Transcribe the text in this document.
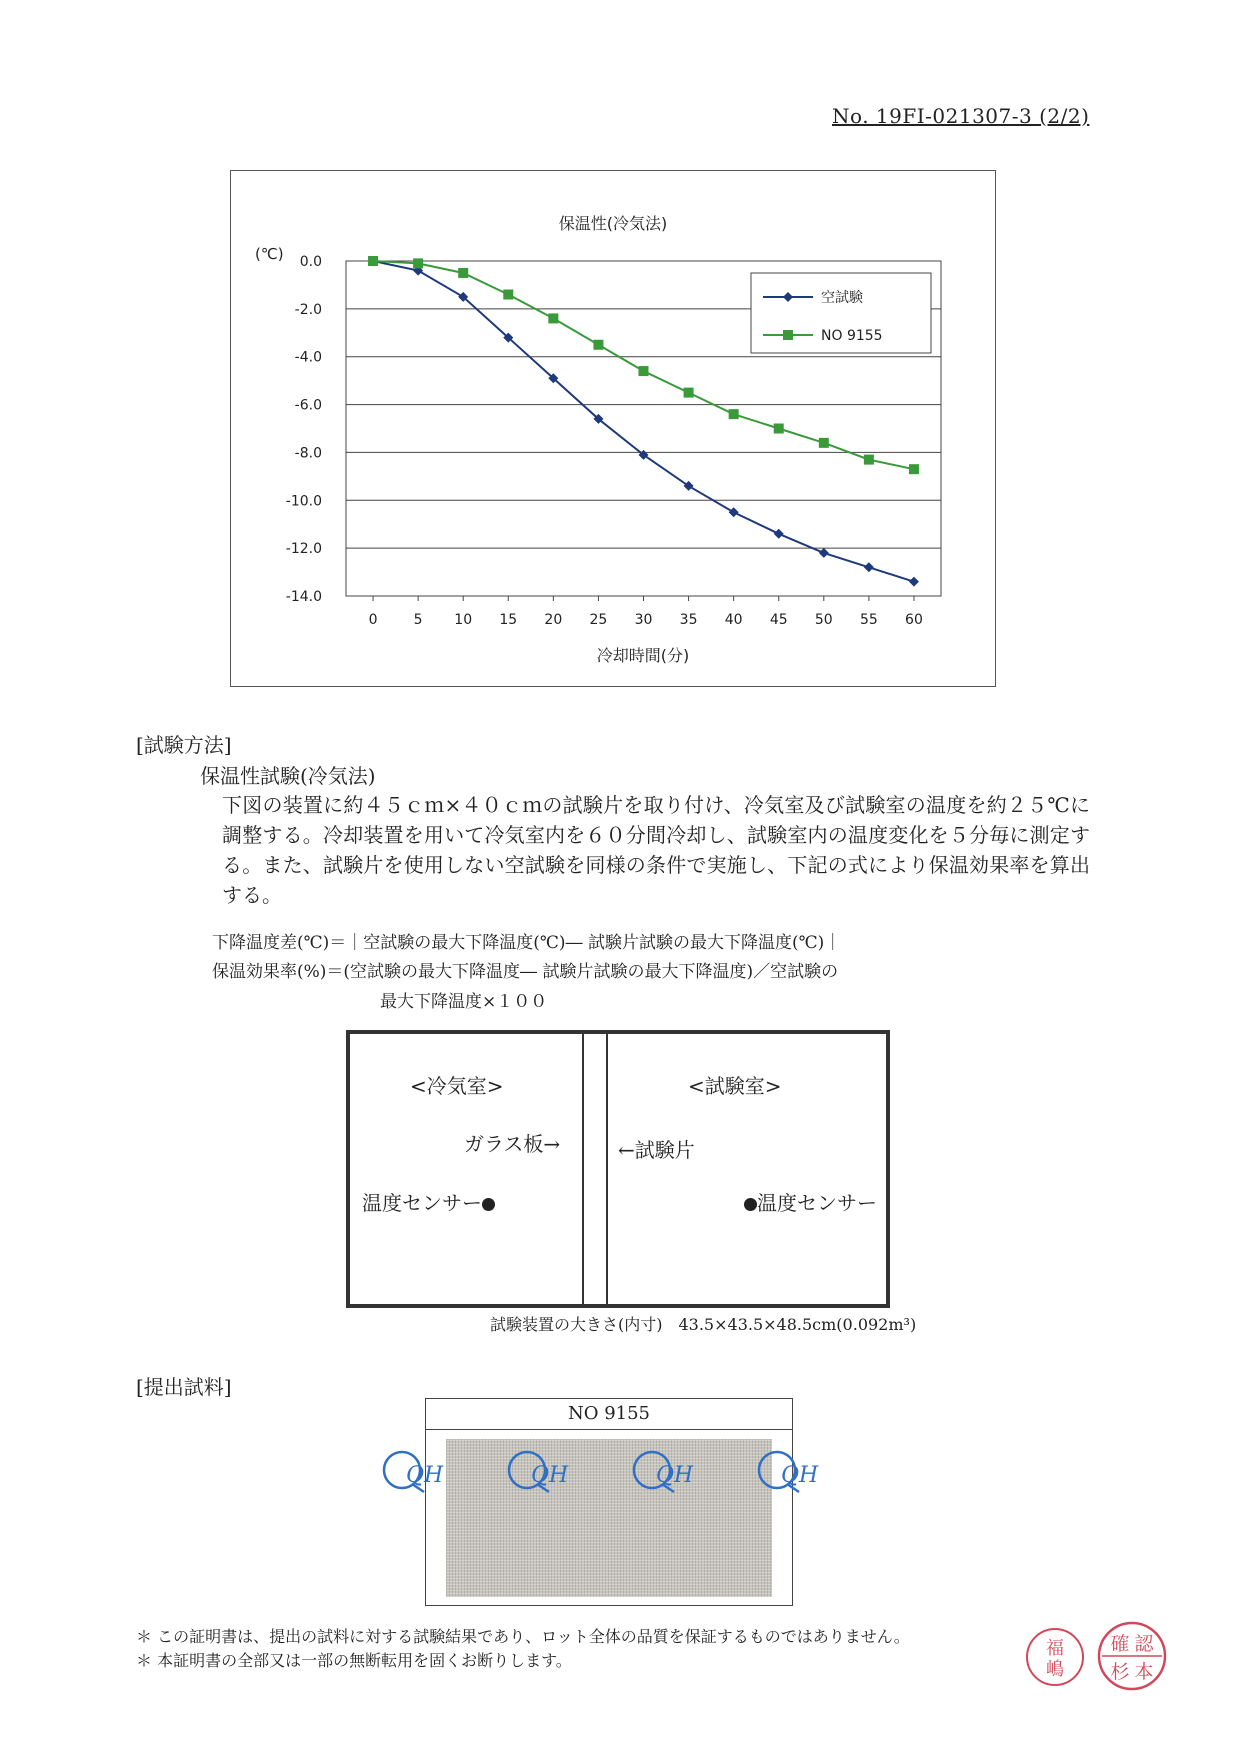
No. 19FI-021307-3 (2/2)
保温性(冷気法)
(℃)
冷却時間(分)
0.0
-2.0
-4.0
-6.0
-8.0
-10.0
-12.0
-14.0
0	5 10 15 20 25 30 35 40 45 50 55 60
空試験
NO 9155
[試験方法]
保温性試験(冷気法)
下図の装置に約４５ｃｍ×４０ｃｍの試験片を取り付け、冷気室及び試験室の温度を約２５℃に調整する。冷却装置を用いて冷気室内を６０分間冷却し、試験室内の温度変化を５分毎に測定する。また、試験片を使用しない空試験を同様の条件で実施し、下記の式により保温効果率を算出する。
下降温度差(℃)＝｜空試験の最大下降温度(℃)― 試験片試験の最大下降温度(℃)｜
保温効果率(%)＝(空試験の最大下降温度― 試験片試験の最大下降温度)／空試験の
最大下降温度×１００
<冷気室>	<試験室>
ガラス板→	←試験片
温度センサー	温度センサー
試験装置の大きさ(内寸)　43.5×43.5×48.5cm(0.092m³)
[提出試料]
NO 9155
QH	QH	QH	QH
＊ この証明書は、提出の試料に対する試験結果であり、ロット全体の品質を保証するものではありません。
＊ 本証明書の全部又は一部の無断転用を固くお断りします。
福
嶋
確 認
杉 本
